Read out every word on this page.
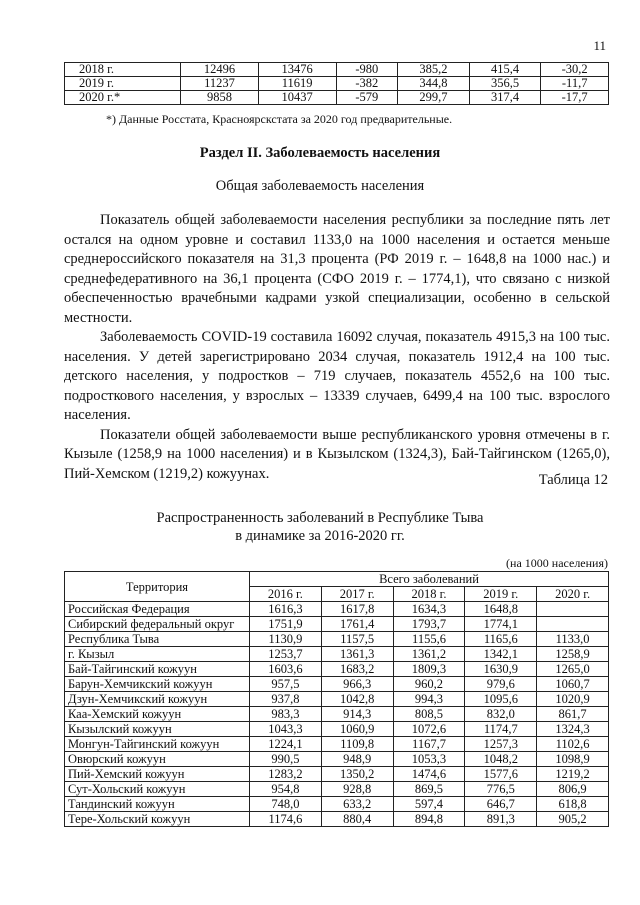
11
2018 г.	12496	13476	-980	385,2	415,4	-30,2
2019 г.	11237	11619	-382	344,8	356,5	-11,7
2020 г.*	9858	10437	-579	299,7	317,4	-17,7
*) Данные Росстата, Красноярскстата за 2020 год предварительные.
Раздел II. Заболеваемость населения
Общая заболеваемость населения

Показатель общей заболеваемости населения республики за последние пять лет остался на одном уровне и составил 1133,0 на 1000 населения и остается меньше среднероссийского показателя на 31,3 процента (РФ 2019 г. – 1648,8 на 1000 нас.) и среднефедеративного на 36,1 процента (СФО 2019 г. – 1774,1), что связано с низкой обеспеченностью врачебными кадрами узкой специализации, особенно в сельской местности.

Заболеваемость COVID-19 составила 16092 случая, показатель 4915,3 на 100 тыс. населения. У детей зарегистрировано 2034 случая, показатель 1912,4 на 100 тыс. детского населения, у подростков – 719 случаев, показатель 4552,6 на 100 тыс. подросткового населения, у взрослых – 13339 случаев, 6499,4 на 100 тыс. взрослого населения.

Показатели общей заболеваемости выше республиканского уровня отмечены в г. Кызыле (1258,9 на 1000 населения) и в Кызылском (1324,3), Бай-Тайгинском (1265,0), Пий-Хемском (1219,2) кожуунах.	Таблица 12
Распространенность заболеваний в Республике Тыва
в динамике за 2016-2020 гг.
(на 1000 населения)
Территория	Всего заболеваний				
	2016 г.	2017 г.	2018 г.	2019 г.	2020 г.
Российская Федерация	1616,3	1617,8	1634,3	1648,8	
Сибирский федеральный округ	1751,9	1761,4	1793,7	1774,1	
Республика Тыва	1130,9	1157,5	1155,6	1165,6	1133,0
г. Кызыл	1253,7	1361,3	1361,2	1342,1	1258,9
Бай-Тайгинский кожуун	1603,6	1683,2	1809,3	1630,9	1265,0
Барун-Хемчикский кожуун	957,5	966,3	960,2	979,6	1060,7
Дзун-Хемчикский кожуун	937,8	1042,8	994,3	1095,6	1020,9
Каа-Хемский кожуун	983,3	914,3	808,5	832,0	861,7
Кызылский кожуун	1043,3	1060,9	1072,6	1174,7	1324,3
Монгун-Тайгинский кожуун	1224,1	1109,8	1167,7	1257,3	1102,6
Овюрский кожуун	990,5	948,9	1053,3	1048,2	1098,9
Пий-Хемский кожуун	1283,2	1350,2	1474,6	1577,6	1219,2
Сут-Хольский кожуун	954,8	928,8	869,5	776,5	806,9
Тандинский кожуун	748,0	633,2	597,4	646,7	618,8
Тере-Хольский кожуун	1174,6	880,4	894,8	891,3	905,2
